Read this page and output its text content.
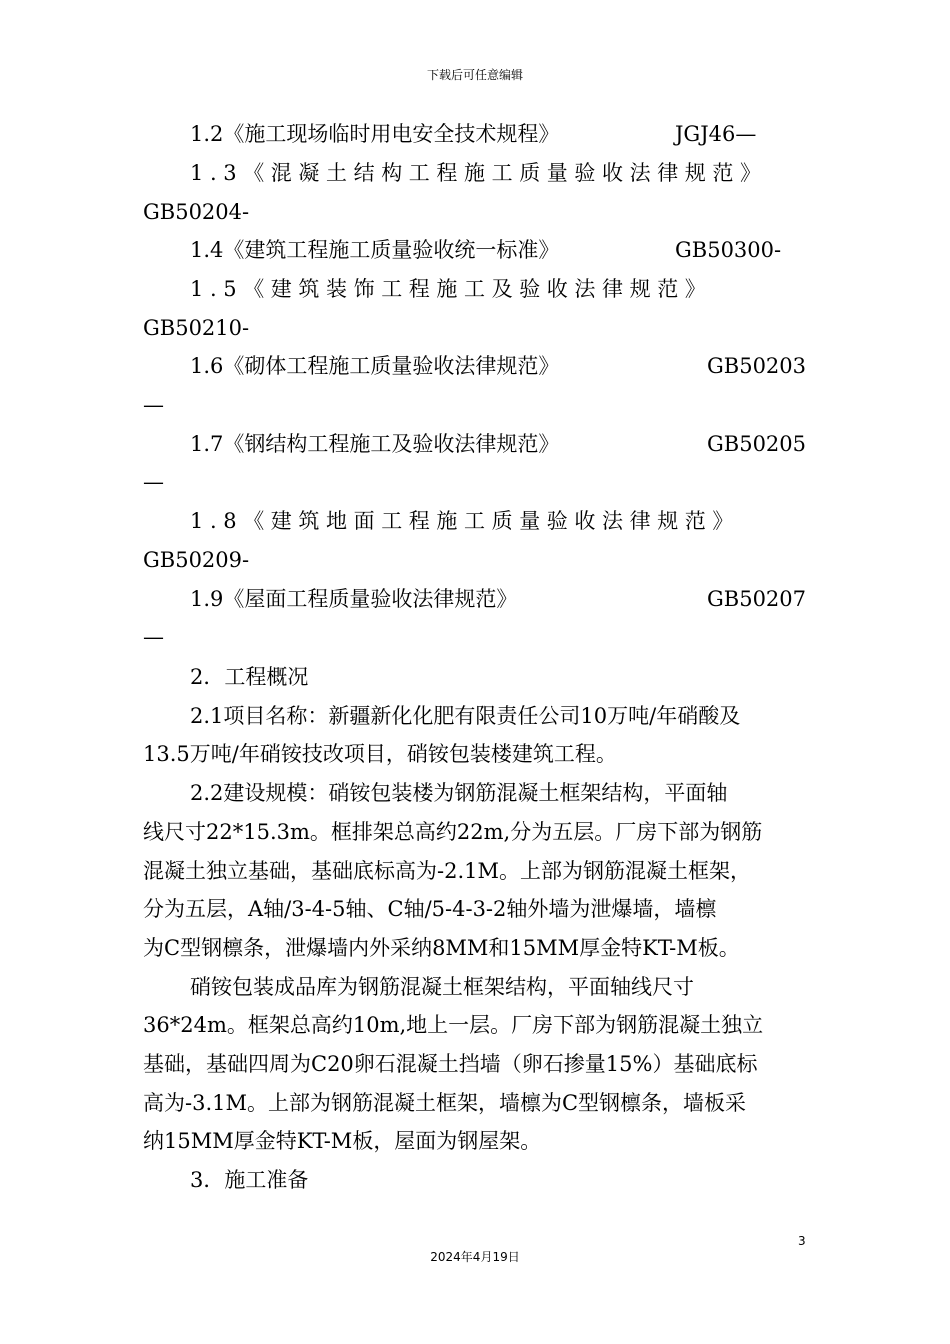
下载后可任意编辑
1.2《施工现场临时用电安全技术规程》	JGJ46—
1.3《混凝土结构工程施工质量验收法律规范》
GB50204-
1.4《建筑工程施工质量验收统一标准》	GB50300-
1.5《建筑装饰工程施工及验收法律规范》
GB50210-
1.6《砌体工程施工质量验收法律规范》	GB50203
—
1.7《钢结构工程施工及验收法律规范》	GB50205
—
1.8《建筑地面工程施工质量验收法律规范》
GB50209-
1.9《屋面工程质量验收法律规范》	GB50207
—
2．工程概况
2.1项目名称：新疆新化化肥有限责任公司10万吨/年硝酸及
13.5万吨/年硝铵技改项目，硝铵包装楼建筑工程。
2.2建设规模：硝铵包装楼为钢筋混凝土框架结构，平面轴
线尺寸22*15.3m。框排架总高约22m,分为五层。厂房下部为钢筋
混凝土独立基础，基础底标高为-2.1M。上部为钢筋混凝土框架，
分为五层，A轴/3-4-5轴、C轴/5-4-3-2轴外墙为泄爆墙，墙檩
为C型钢檩条，泄爆墙内外采纳8MM和15MM厚金特KT-M板。
硝铵包装成品库为钢筋混凝土框架结构，平面轴线尺寸
36*24m。框架总高约10m,地上一层。厂房下部为钢筋混凝土独立
基础，基础四周为C20卵石混凝土挡墙（卵石掺量15%）基础底标
高为-3.1M。上部为钢筋混凝土框架，墙檩为C型钢檩条，墙板采
纳15MM厚金特KT-M板，屋面为钢屋架。
3．施工准备
3
2024年4月19日
